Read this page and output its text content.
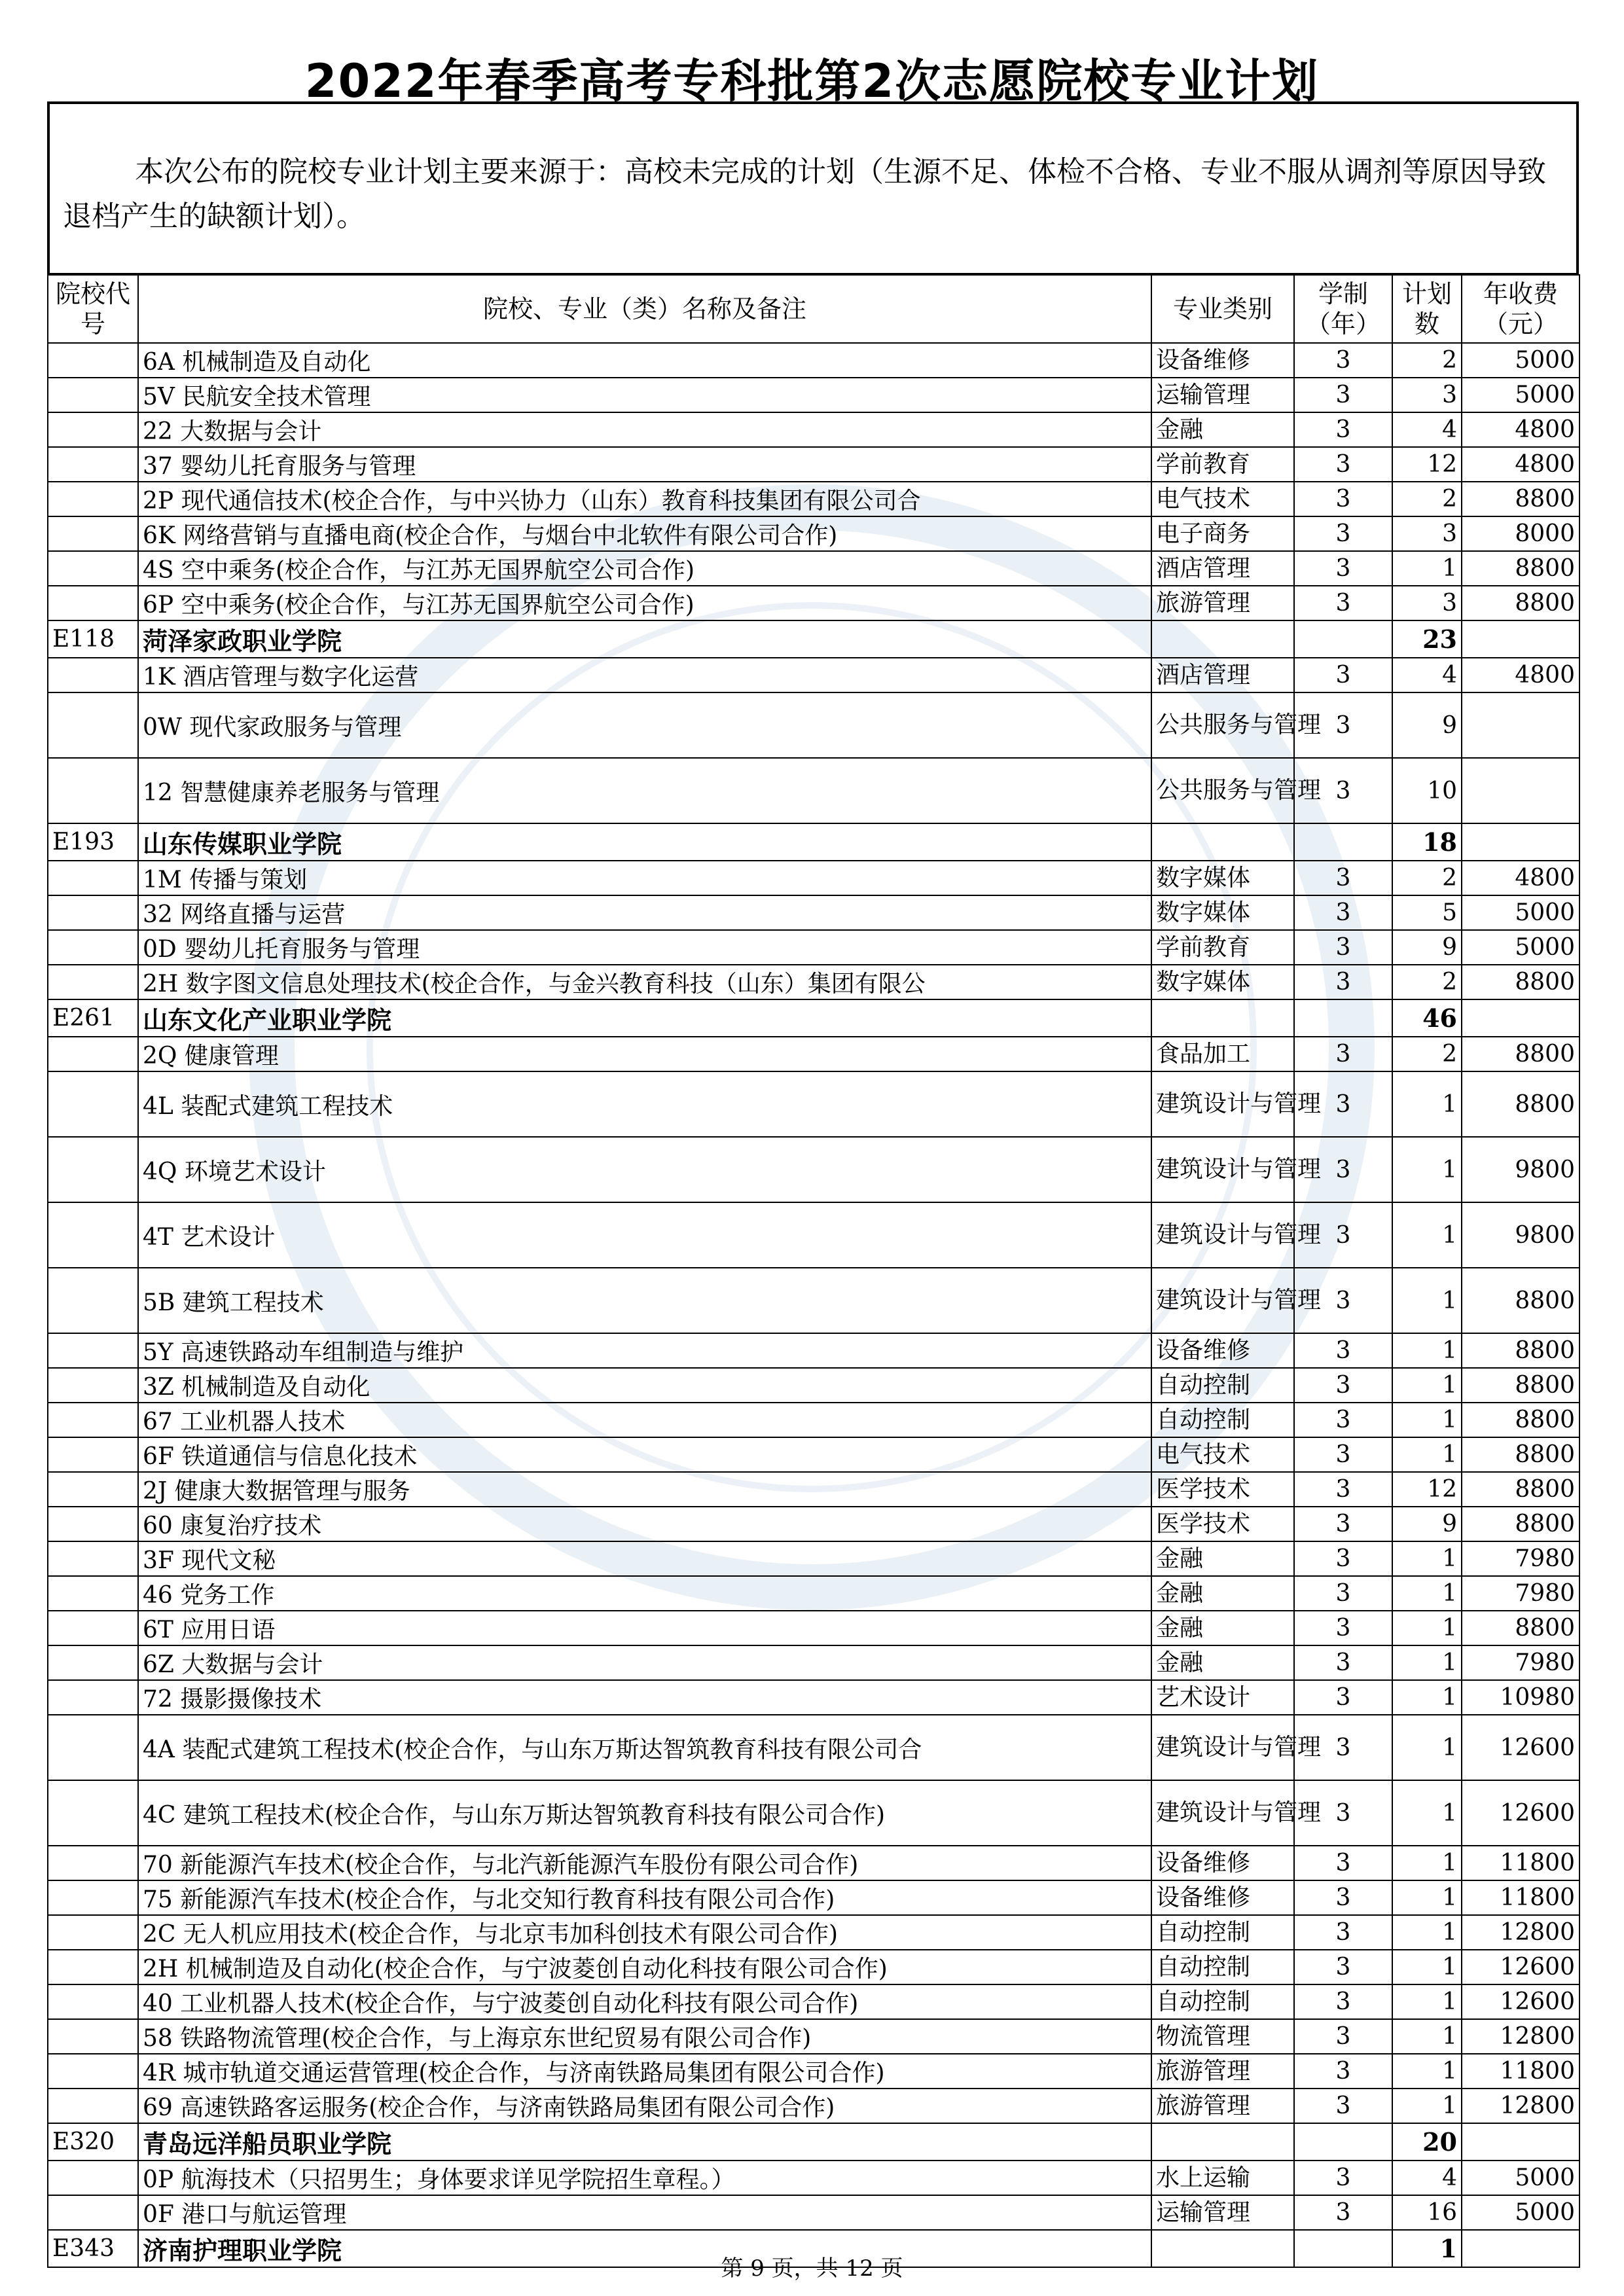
2022年春季高考专科批第2次志愿院校专业计划
本次公布的院校专业计划主要来源于：高校未完成的计划（生源不足、体检不合格、专业不服从调剂等原因导致退档产生的缺额计划）。
院校代号	院校、专业（类）名称及备注	专业类别	学制（年）	计划数	年收费（元）
	6A 机械制造及自动化	设备维修	3	2	5000
	5V 民航安全技术管理	运输管理	3	3	5000
	22 大数据与会计	金融	3	4	4800
	37 婴幼儿托育服务与管理	学前教育	3	12	4800
	2P 现代通信技术(校企合作，与中兴协力（山东）教育科技集团有限公司合	电气技术	3	2	8800
	6K 网络营销与直播电商(校企合作，与烟台中北软件有限公司合作)	电子商务	3	3	8000
	4S 空中乘务(校企合作，与江苏无国界航空公司合作)	酒店管理	3	1	8800
	6P 空中乘务(校企合作，与江苏无国界航空公司合作)	旅游管理	3	3	8800
E118	菏泽家政职业学院			23	
	1K 酒店管理与数字化运营	酒店管理	3	4	4800
	0W 现代家政服务与管理	公共服务与管理	3	9	
	12 智慧健康养老服务与管理	公共服务与管理	3	10	
E193	山东传媒职业学院			18	
	1M 传播与策划	数字媒体	3	2	4800
	32 网络直播与运营	数字媒体	3	5	5000
	0D 婴幼儿托育服务与管理	学前教育	3	9	5000
	2H 数字图文信息处理技术(校企合作，与金兴教育科技（山东）集团有限公	数字媒体	3	2	8800
E261	山东文化产业职业学院			46	
	2Q 健康管理	食品加工	3	2	8800
	4L 装配式建筑工程技术	建筑设计与管理	3	1	8800
	4Q 环境艺术设计	建筑设计与管理	3	1	9800
	4T 艺术设计	建筑设计与管理	3	1	9800
	5B 建筑工程技术	建筑设计与管理	3	1	8800
	5Y 高速铁路动车组制造与维护	设备维修	3	1	8800
	3Z 机械制造及自动化	自动控制	3	1	8800
	67 工业机器人技术	自动控制	3	1	8800
	6F 铁道通信与信息化技术	电气技术	3	1	8800
	2J 健康大数据管理与服务	医学技术	3	12	8800
	60 康复治疗技术	医学技术	3	9	8800
	3F 现代文秘	金融	3	1	7980
	46 党务工作	金融	3	1	7980
	6T 应用日语	金融	3	1	8800
	6Z 大数据与会计	金融	3	1	7980
	72 摄影摄像技术	艺术设计	3	1	10980
	4A 装配式建筑工程技术(校企合作，与山东万斯达智筑教育科技有限公司合	建筑设计与管理	3	1	12600
	4C 建筑工程技术(校企合作，与山东万斯达智筑教育科技有限公司合作)	建筑设计与管理	3	1	12600
	70 新能源汽车技术(校企合作，与北汽新能源汽车股份有限公司合作)	设备维修	3	1	11800
	75 新能源汽车技术(校企合作，与北交知行教育科技有限公司合作)	设备维修	3	1	11800
	2C 无人机应用技术(校企合作，与北京韦加科创技术有限公司合作)	自动控制	3	1	12800
	2H 机械制造及自动化(校企合作，与宁波菱创自动化科技有限公司合作)	自动控制	3	1	12600
	40 工业机器人技术(校企合作，与宁波菱创自动化科技有限公司合作)	自动控制	3	1	12600
	58 铁路物流管理(校企合作，与上海京东世纪贸易有限公司合作)	物流管理	3	1	12800
	4R 城市轨道交通运营管理(校企合作，与济南铁路局集团有限公司合作)	旅游管理	3	1	11800
	69 高速铁路客运服务(校企合作，与济南铁路局集团有限公司合作)	旅游管理	3	1	12800
E320	青岛远洋船员职业学院			20	
	0P 航海技术（只招男生；身体要求详见学院招生章程。）	水上运输	3	4	5000
	0F 港口与航运管理	运输管理	3	16	5000
E343	济南护理职业学院			1	
第 9 页，共 12 页
